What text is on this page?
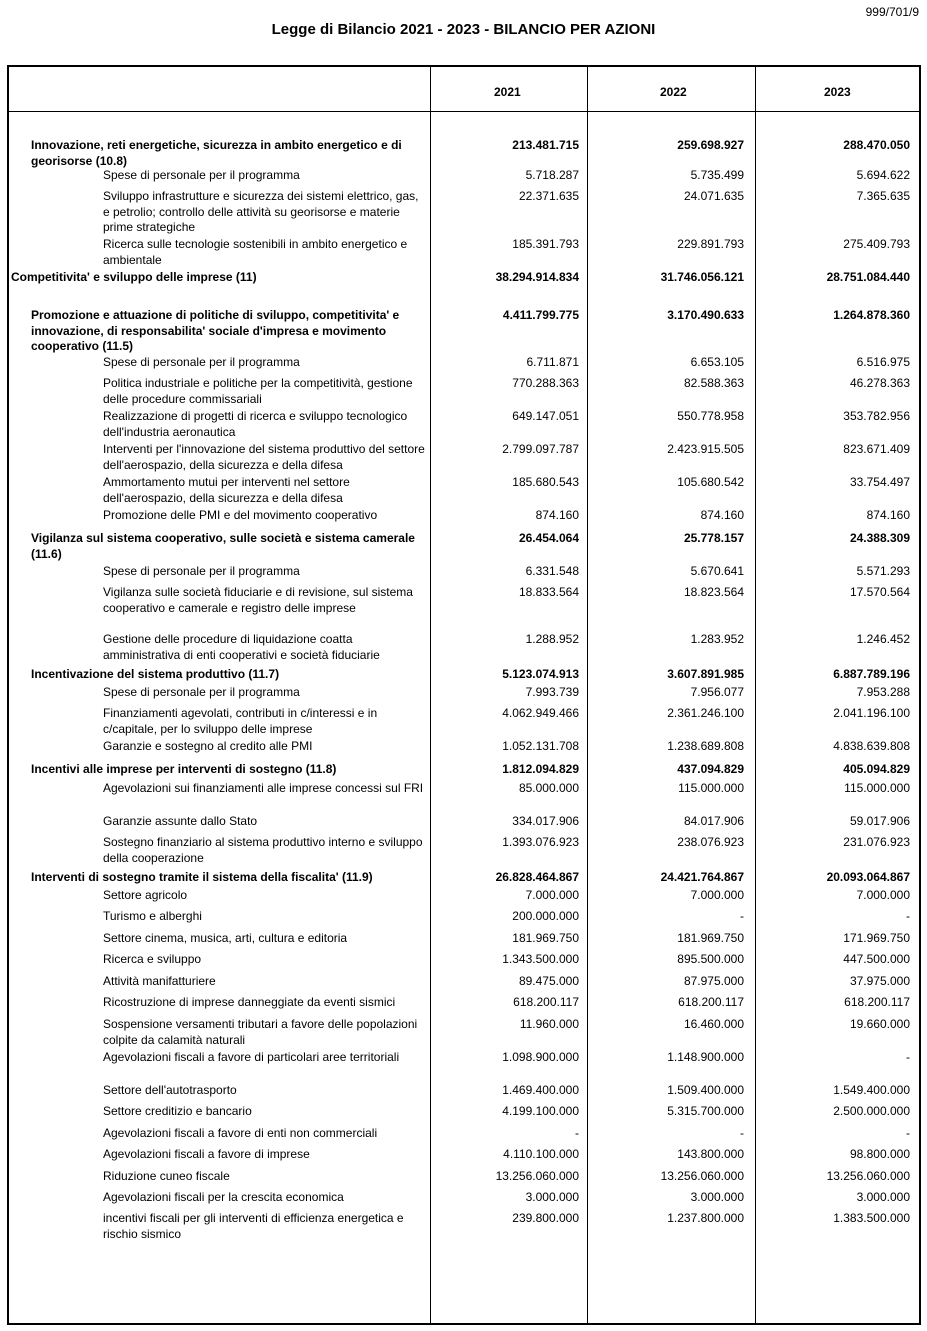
999/701/9
Legge di Bilancio 2021 - 2023 - BILANCIO PER AZIONI
2021	2022	2023
Innovazione, reti energetiche, sicurezza in ambito energetico e di georisorse (10.8)
213.481.715	259.698.927	288.470.050
Spese di personale per il programma	5.718.287	5.735.499	5.694.622
Sviluppo infrastrutture e sicurezza dei sistemi elettrico, gas, e petrolio; controllo delle attività su georisorse e materie prime strategiche
22.371.635	24.071.635	7.365.635
Ricerca sulle tecnologie sostenibili in ambito energetico e ambientale
185.391.793	229.891.793	275.409.793
Competitivita' e sviluppo delle imprese (11)	38.294.914.834	31.746.056.121	28.751.084.440
Promozione e attuazione di politiche di sviluppo, competitivita' e innovazione, di responsabilita' sociale d'impresa e movimento cooperativo (11.5)
4.411.799.775	3.170.490.633	1.264.878.360
Spese di personale per il programma	6.711.871	6.653.105	6.516.975
Politica industriale e politiche per la competitività, gestione delle procedure commissariali
770.288.363	82.588.363	46.278.363
Realizzazione di progetti di ricerca e sviluppo tecnologico dell'industria aeronautica
649.147.051	550.778.958	353.782.956
Interventi per l'innovazione del sistema produttivo del settore dell'aerospazio, della sicurezza e della difesa
2.799.097.787	2.423.915.505	823.671.409
Ammortamento mutui per interventi nel settore dell'aerospazio, della sicurezza e della difesa
185.680.543	105.680.542	33.754.497
Promozione delle PMI e del movimento cooperativo	874.160	874.160	874.160
Vigilanza sul sistema cooperativo, sulle società e sistema camerale (11.6)
26.454.064	25.778.157	24.388.309
Spese di personale per il programma	6.331.548	5.670.641	5.571.293
Vigilanza sulle società fiduciarie e di revisione, sul sistema cooperativo e camerale e registro delle imprese
18.833.564	18.823.564	17.570.564
Gestione delle procedure di liquidazione coatta amministrativa di enti cooperativi e società fiduciarie
1.288.952	1.283.952	1.246.452
Incentivazione del sistema produttivo (11.7)	5.123.074.913	3.607.891.985	6.887.789.196
Spese di personale per il programma	7.993.739	7.956.077	7.953.288
Finanziamenti agevolati, contributi in c/interessi e in c/capitale, per lo sviluppo delle imprese
4.062.949.466	2.361.246.100	2.041.196.100
Garanzie e sostegno al credito alle PMI	1.052.131.708	1.238.689.808	4.838.639.808
Incentivi alle imprese per interventi di sostegno (11.8)	1.812.094.829	437.094.829	405.094.829
Agevolazioni sui finanziamenti alle imprese concessi sul FRI	85.000.000	115.000.000	115.000.000
Garanzie assunte dallo Stato	334.017.906	84.017.906	59.017.906
Sostegno finanziario al sistema produttivo interno e sviluppo della cooperazione
1.393.076.923	238.076.923	231.076.923
Interventi di sostegno tramite il sistema della fiscalita' (11.9)	26.828.464.867	24.421.764.867	20.093.064.867
Settore agricolo	7.000.000	7.000.000	7.000.000
Turismo e alberghi	200.000.000	-	-
Settore cinema, musica, arti, cultura e editoria	181.969.750	181.969.750	171.969.750
Ricerca e sviluppo	1.343.500.000	895.500.000	447.500.000
Attività manifatturiere	89.475.000	87.975.000	37.975.000
Ricostruzione di imprese danneggiate da eventi sismici	618.200.117	618.200.117	618.200.117
Sospensione versamenti tributari a favore delle popolazioni colpite da calamità naturali
11.960.000	16.460.000	19.660.000
Agevolazioni fiscali a favore di particolari aree territoriali	1.098.900.000	1.148.900.000	-
Settore dell'autotrasporto	1.469.400.000	1.509.400.000	1.549.400.000
Settore creditizio e bancario	4.199.100.000	5.315.700.000	2.500.000.000
Agevolazioni fiscali a favore di enti non commerciali	-	-	-
Agevolazioni fiscali a favore di imprese	4.110.100.000	143.800.000	98.800.000
Riduzione cuneo fiscale	13.256.060.000	13.256.060.000	13.256.060.000
Agevolazioni fiscali per la crescita economica	3.000.000	3.000.000	3.000.000
incentivi fiscali per gli interventi di efficienza energetica e rischio sismico
239.800.000	1.237.800.000	1.383.500.000
